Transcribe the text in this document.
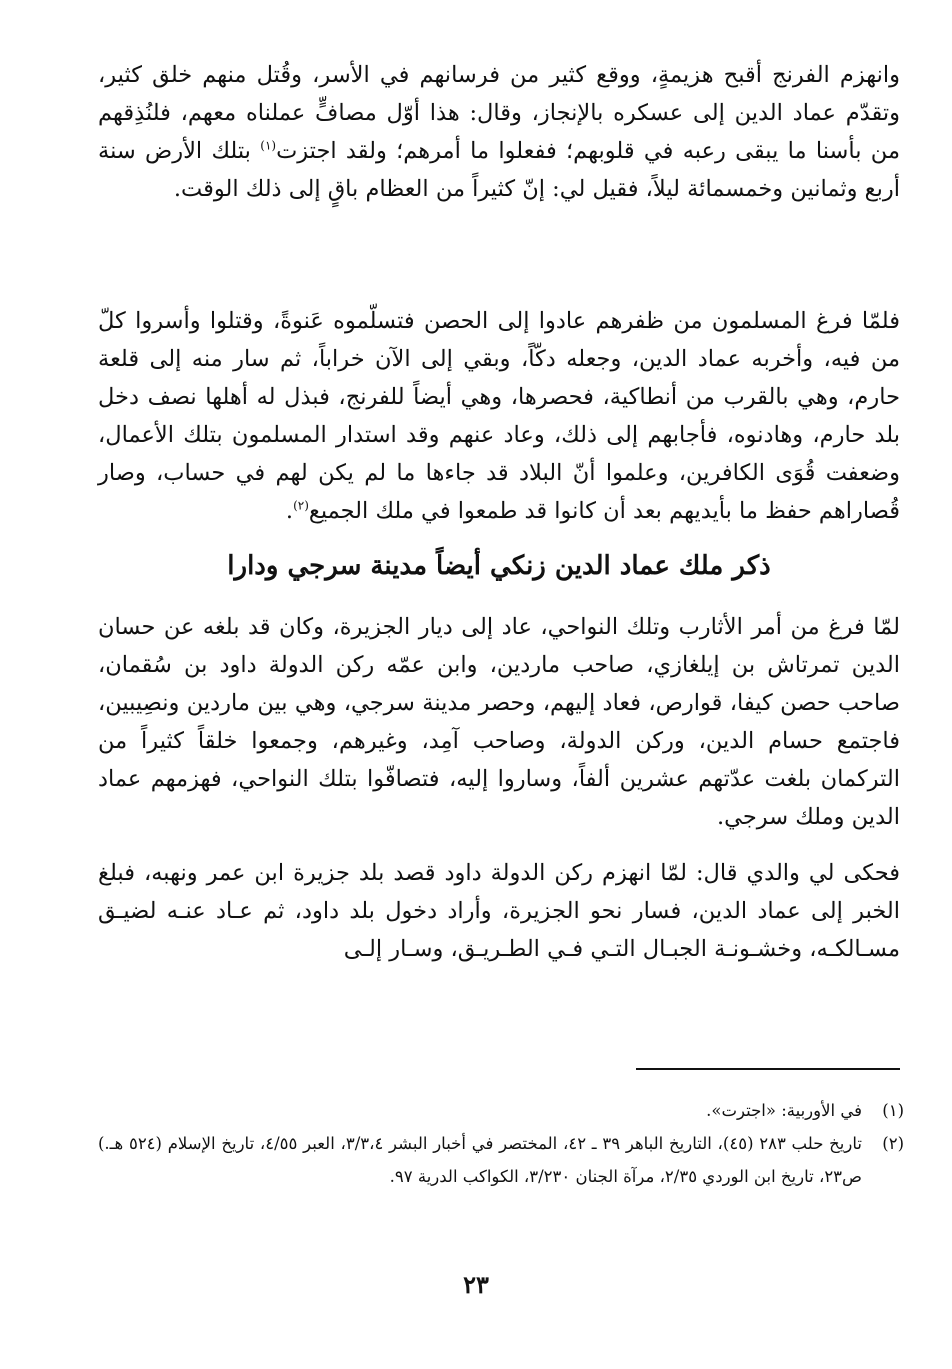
وانهزم الفرنج أقبح هزيمةٍ، ووقع كثير من فرسانهم في الأسر، وقُتل منهم خلق كثير، وتقدّم عماد الدين إلى عسكره بالإنجاز، وقال: هذا أوّل مصافٍّ عملناه معهم، فلنُذِقهم من بأسنا ما يبقى رعبه في قلوبهم؛ ففعلوا ما أمرهم؛ ولقد اجتزت$^{(١)}$ بتلك الأرض سنة أربع وثمانين وخمسمائة ليلاً، فقيل لي: إنّ كثيراً من العظام باقٍ إلى ذلك الوقت.

فلمّا فرغ المسلمون من ظفرهم عادوا إلى الحصن فتسلّموه عَنوةً، وقتلوا وأسروا كلّ من فيه، وأخربه عماد الدين، وجعله دكّاً، وبقي إلى الآن خراباً، ثم سار منه إلى قلعة حارم، وهي بالقرب من أنطاكية، فحصرها، وهي أيضاً للفرنج، فبذل له أهلها نصف دخل بلد حارم، وهادنوه، فأجابهم إلى ذلك، وعاد عنهم وقد استدار المسلمون بتلك الأعمال، وضعفت قُوَى الكافرين، وعلموا أنّ البلاد قد جاءها ما لم يكن لهم في حساب، وصار قُصاراهم حفظ ما بأيديهم بعد أن كانوا قد طمعوا في ملك الجميع$^{(٢)}$.

ذكر ملك عماد الدين زنكي أيضاً مدينة سرجي ودارا

لمّا فرغ من أمر الأثارب وتلك النواحي، عاد إلى ديار الجزيرة، وكان قد بلغه عن حسان الدين تمرتاش بن إيلغازي، صاحب ماردين، وابن عمّه ركن الدولة داود بن سُقمان، صاحب حصن كيفا، قوارص، فعاد إليهم، وحصر مدينة سرجي، وهي بين ماردين ونصِيبين، فاجتمع حسام الدين، وركن الدولة، وصاحب آمِد، وغيرهم، وجمعوا خلقاً كثيراً من التركمان بلغت عدّتهم عشرين ألفاً، وساروا إليه، فتصافّوا بتلك النواحي، فهزمهم عماد الدين وملك سرجي.

فحكى لي والدي قال: لمّا انهزم ركن الدولة داود قصد بلد جزيرة ابن عمر ونهبه، فبلغ الخبر إلى عماد الدين، فسار نحو الجزيرة، وأراد دخول بلد داود، ثم عـاد عنـه لضيـق مسـالكـه، وخشـونـة الجبـال التـي فـي الطـريـق، وسـار إلـى

(١)
في الأوربية: «اجترت».
(٢)
تاريخ حلب ٢٨٣ (٤٥)، التاريخ الباهر ٣٩ ـ ٤٢، المختصر في أخبار البشر ٣/٣،٤، العبر ٤/٥٥، تاريخ الإسلام (٥٢٤ هـ.) ص٢٣، تاريخ ابن الوردي ٢/٣٥، مرآة الجنان ٣/٢٣٠، الكواكب الدرية ٩٧.
٢٣
